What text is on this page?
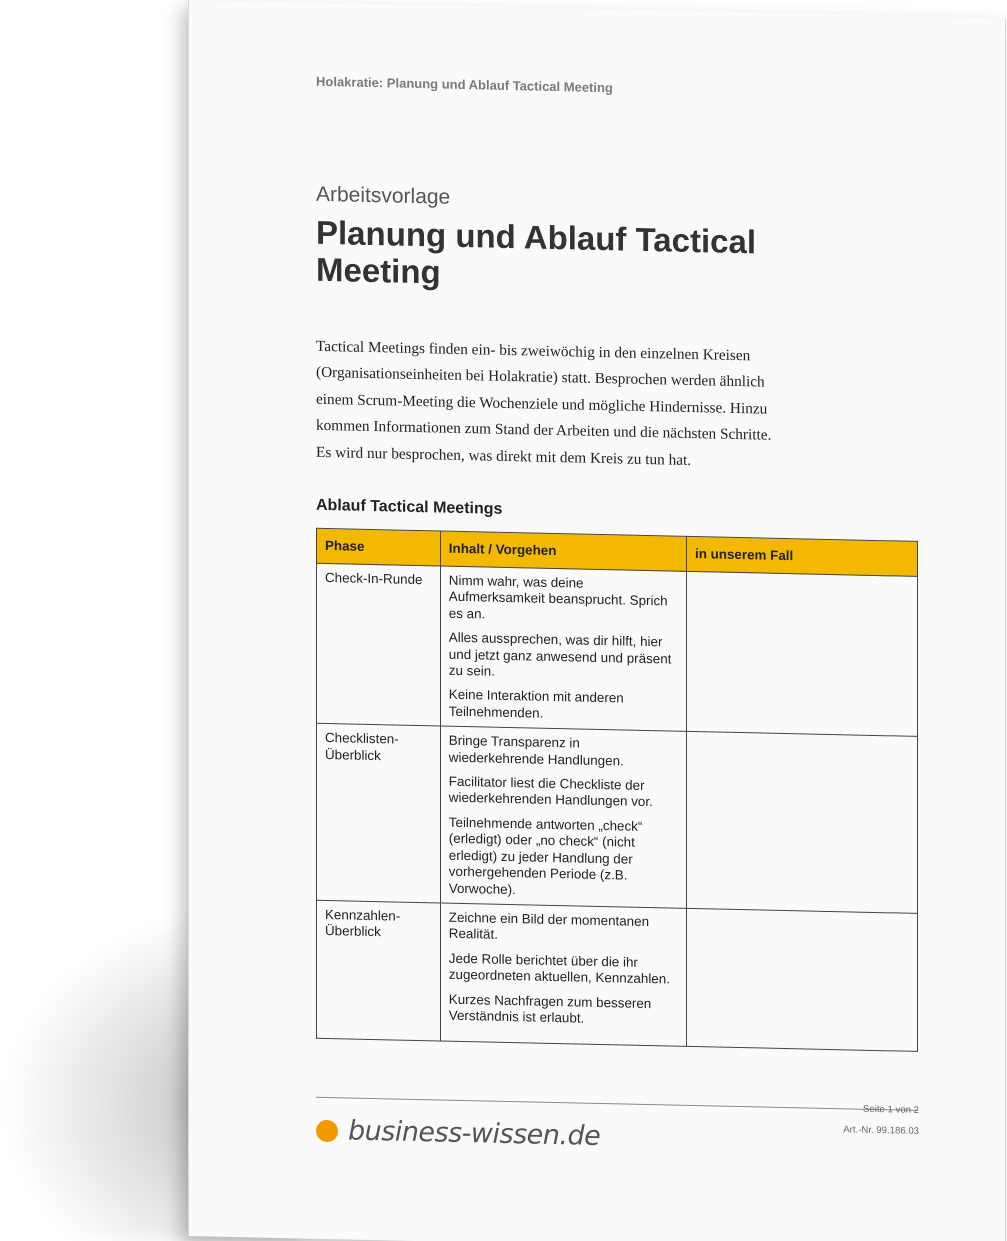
Holakratie: Planung und Ablauf Tactical Meeting
Arbeitsvorlage
Planung und Ablauf Tactical Meeting
Tactical Meetings finden ein- bis zweiwöchig in den einzelnen Kreisen (Organisationseinheiten bei Holakratie) statt. Besprochen werden ähnlich einem Scrum-Meeting die Wochenziele und mögliche Hindernisse. Hinzu kommen Informationen zum Stand der Arbeiten und die nächsten Schritte. Es wird nur besprochen, was direkt mit dem Kreis zu tun hat.
Ablauf Tactical Meetings
Phase	Inhalt / Vorgehen	in unserem Fall
Check-In-Runde	Nimm wahr, was deine Aufmerksamkeit beansprucht. Sprich es an.
Alles aussprechen, was dir hilft, hier und jetzt ganz anwesend und präsent zu sein.
Keine Interaktion mit anderen Teilnehmenden.	

Checklisten-Überblick	Bringe Transparenz in wiederkehrende Handlungen.
Facilitator liest die Checkliste der wiederkehrenden Handlungen vor.
Teilnehmende antworten „check“ (erledigt) oder „no check“ (nicht erledigt) zu jeder Handlung der vorhergehenden Periode (z.B. Vorwoche).	

Kennzahlen-Überblick	Zeichne ein Bild der momentanen Realität.
Jede Rolle berichtet über die ihr zugeordneten aktuellen, Kennzahlen.
Kurzes Nachfragen zum besseren Verständnis ist erlaubt.	

Seite 1 von 2
Art.-Nr. 99.186.03
business-wissen.de
